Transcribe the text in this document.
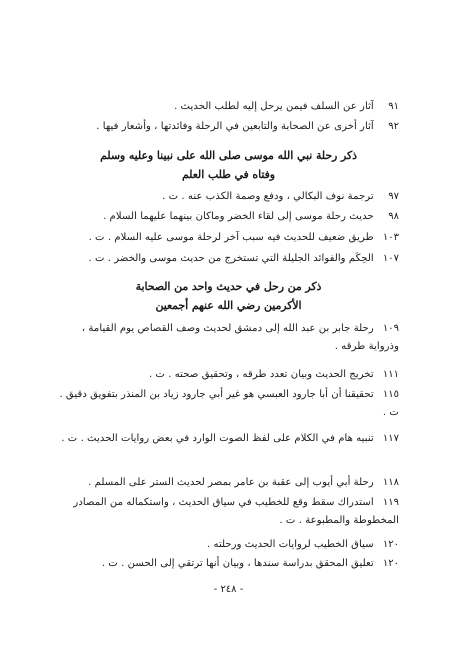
٩١ آثار عن السلف فيمن يرحل إليه لطلب الحديث .
٩٢ آثار أخرى عن الصحابة والتابعين في الرحلة وفائدتها ، وأشعار فيها .
ذكر رحلة نبي الله موسى صلى الله على نبينا وعليه وسلم
وفتاه في طلب العلم
٩٧ ترجمة نوف البكالي ، ودفع وصمة الكذب عنه . ت .
٩٨ حديث رحلة موسى إلى لقاء الخضر وماكان بينهما عليهما السلام .
١٠٣ طريق ضعيف للحديث فيه سبب آخر لرحلة موسى عليه السلام . ت .
١٠٧ الحِكَم والفوائد الجليلة التي تستخرج من حديث موسى والخضر . ت .
ذكر من رحل في حديث واحد من الصحابة
الأكرمين رضي الله عنهم أجمعين
١٠٩ رحلة جابر بن عبد الله إلى دمشق لحديث وصف القصاص يوم القيامة ، وذرواية طرقه .
١١١ تخريج الحديث وبيان تعدد طرقه ، وتحقيق صحته . ت .
١١٥ تحقيقنا أن أبا جارود العبسي هو غير أبي جارود زياد بن المنذر بتفويق دقيق . ت .
١١٧ تنبيه هام في الكلام على لفظ الصوت الوارد في بعض روايات الحديث . ت .
١١٨ رحلة أبي أيوب إلى عقبة بن عامر بمصر لحديث الستر على المسلم .
١١٩ استدراك سقط وقع للخطيب في سياق الحديث ، واستكماله من المصادر المخطوطة والمطبوعة . ت .
١٢٠ سياق الخطيب لروايات الحديث ورحلته .
١٢٠ تعليق المحقق بدراسة سندها ، وبيان أنها ترتقي إلى الحسن . ت .
- ٢٤٨ -
